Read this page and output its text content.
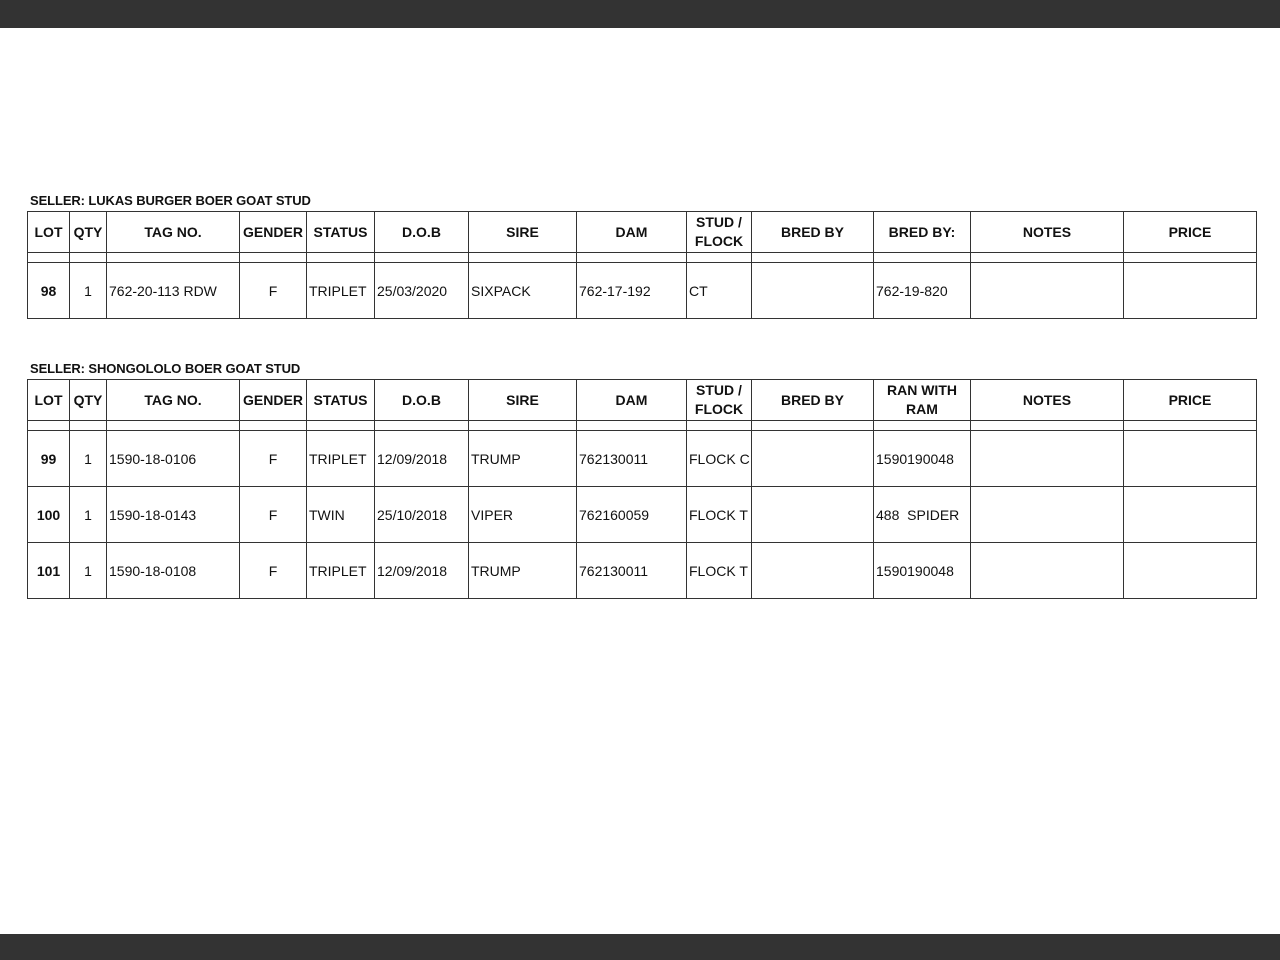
SELLER: LUKAS BURGER BOER GOAT STUD
LOT	QTY	TAG NO.	GENDER	STATUS	D.O.B	SIRE	DAM	STUD / FLOCK	BRED BY	BRED BY:	NOTES	PRICE

98	1	762-20-113 RDW	F	TRIPLET	25/03/2020	SIXPACK	762-17-192	CT		762-19-820		
SELLER: SHONGOLOLO BOER GOAT STUD
LOT	QTY	TAG NO.	GENDER	STATUS	D.O.B	SIRE	DAM	STUD / FLOCK	BRED BY	RAN WITH RAM	NOTES	PRICE

99	1	1590-18-0106	F	TRIPLET	12/09/2018	TRUMP	762130011	FLOCK C		1590190048		
100	1	1590-18-0143	F	TWIN	25/10/2018	VIPER	762160059	FLOCK T		488  SPIDER		
101	1	1590-18-0108	F	TRIPLET	12/09/2018	TRUMP	762130011	FLOCK T		1590190048		
